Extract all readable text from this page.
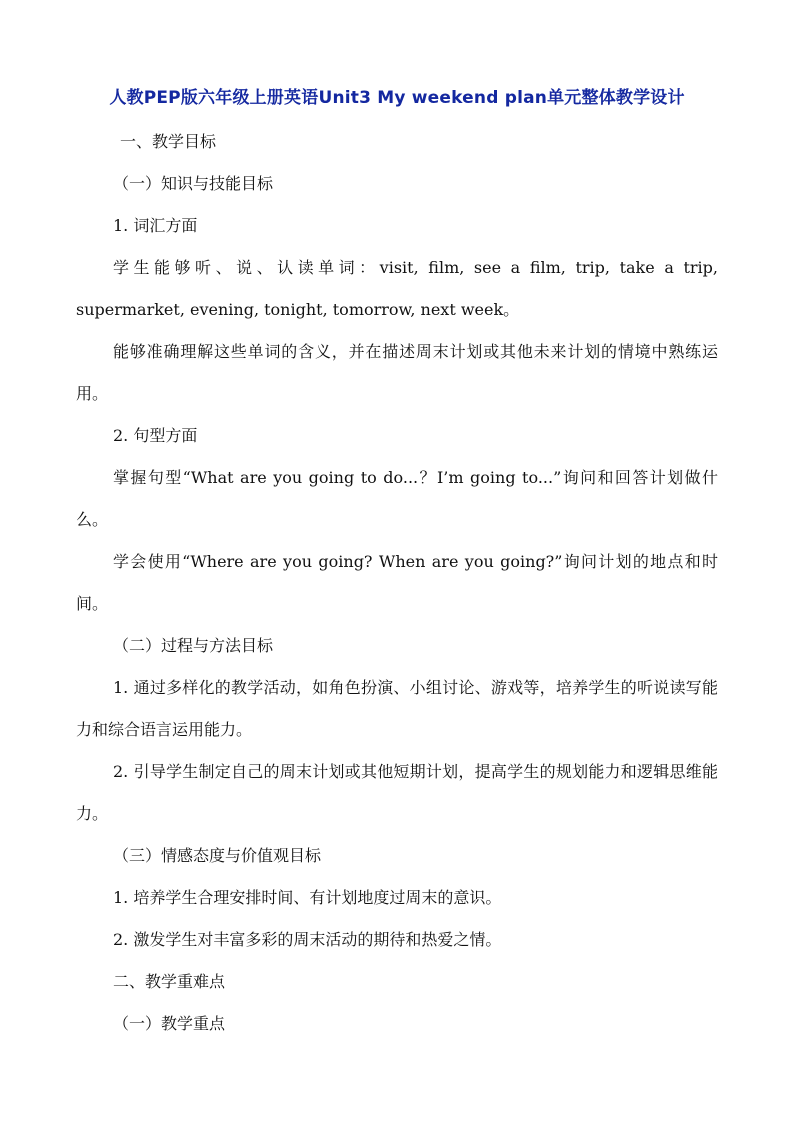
人教PEP版六年级上册英语Unit3 My weekend plan单元整体教学设计

一、教学目标

（一）知识与技能目标

1. 词汇方面

学生能够听、说、认读单词：visit, film, see a film, trip, take a trip, supermarket, evening, tonight, tomorrow, next week。

能够准确理解这些单词的含义，并在描述周末计划或其他未来计划的情境中熟练运用。

2. 句型方面

掌握句型“What are you going to do...？I’m going to...”询问和回答计划做什么。

学会使用“Where are you going? When are you going?”询问计划的地点和时间。

（二）过程与方法目标

1. 通过多样化的教学活动，如角色扮演、小组讨论、游戏等，培养学生的听说读写能力和综合语言运用能力。

2. 引导学生制定自己的周末计划或其他短期计划，提高学生的规划能力和逻辑思维能力。

（三）情感态度与价值观目标

1. 培养学生合理安排时间、有计划地度过周末的意识。

2. 激发学生对丰富多彩的周末活动的期待和热爱之情。

二、教学重难点

（一）教学重点
